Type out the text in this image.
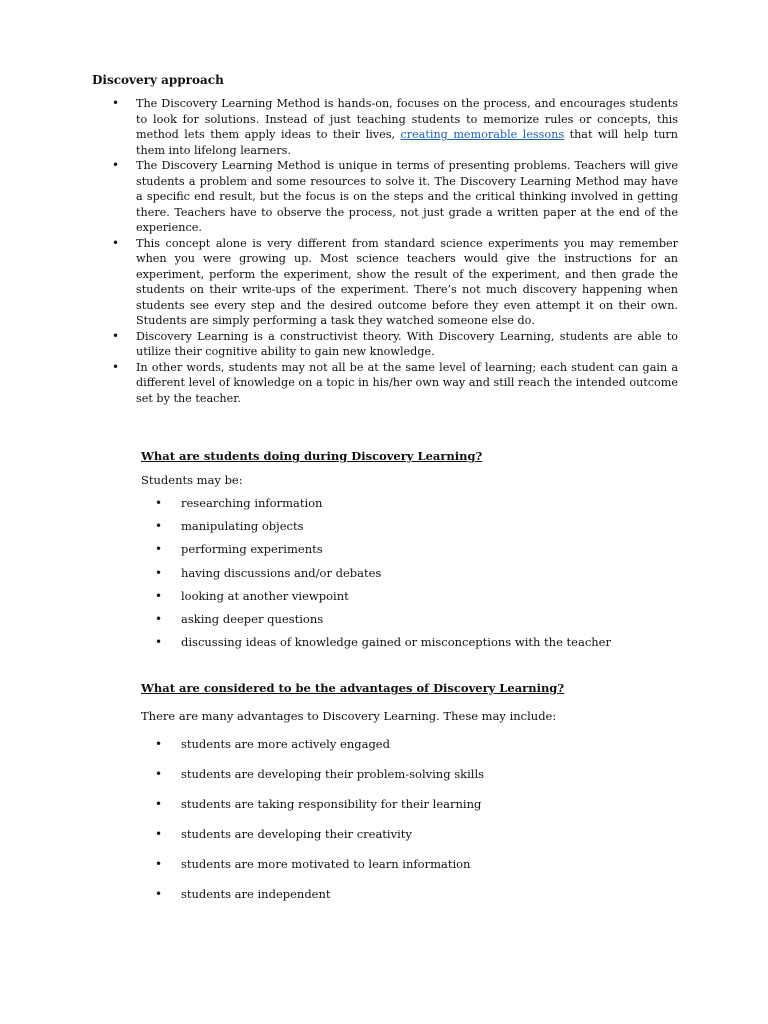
Discovery approach
• The Discovery Learning Method is hands-on, focuses on the process, and encourages students to look for solutions. Instead of just teaching students to memorize rules or concepts, this method lets them apply ideas to their lives, creating memorable lessons that will help turn them into lifelong learners.
• The Discovery Learning Method is unique in terms of presenting problems. Teachers will give students a problem and some resources to solve it. The Discovery Learning Method may have a specific end result, but the focus is on the steps and the critical thinking involved in getting there. Teachers have to observe the process, not just grade a written paper at the end of the experience.
• This concept alone is very different from standard science experiments you may remember when you were growing up. Most science teachers would give the instructions for an experiment, perform the experiment, show the result of the experiment, and then grade the students on their write-ups of the experiment. There’s not much discovery happening when students see every step and the desired outcome before they even attempt it on their own. Students are simply performing a task they watched someone else do.
• Discovery Learning is a constructivist theory. With Discovery Learning, students are able to utilize their cognitive ability to gain new knowledge.
• In other words, students may not all be at the same level of learning; each student can gain a different level of knowledge on a topic in his/her own way and still reach the intended outcome set by the teacher.
What are students doing during Discovery Learning?

Students may be:

• researching information
• manipulating objects
• performing experiments
• having discussions and/or debates
• looking at another viewpoint
• asking deeper questions
• discussing ideas of knowledge gained or misconceptions with the teacher
What are considered to be the advantages of Discovery Learning?

There are many advantages to Discovery Learning. These may include:

• students are more actively engaged
• students are developing their problem-solving skills
• students are taking responsibility for their learning
• students are developing their creativity
• students are more motivated to learn information
• students are independent
